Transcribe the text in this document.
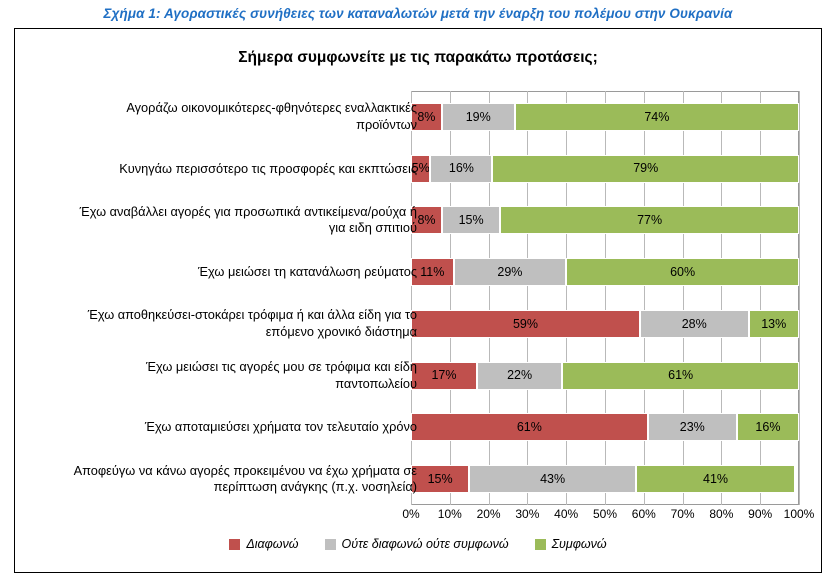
Σχήμα 1: Αγοραστικές συνήθειες των καταναλωτών μετά την έναρξη του πολέμου στην Ουκρανία
Σήμερα συμφωνείτε με τις παρακάτω προτάσεις;
8% 19%	74%
5% 16%	79%
8% 15%	77%
11%	29%	60%
59%	28%	13%
17%	22%	61%
61%	23%	16%
15%	43%	41%
Αγοράζω οικονομικότερες-φθηνότερες εναλλακτικές προϊόντων
Κυνηγάω περισσότερο τις προσφορές και εκπτώσεις
Έχω αναβάλλει αγορές για προσωπικά αντικείμενα/ρούχα ή για ειδη σπιτιού
Έχω μειώσει τη κατανάλωση ρεύματος
Έχω αποθηκεύσει-στοκάρει τρόφιμα ή και άλλα είδη για το επόμενο χρονικό διάστημα
Έχω μειώσει τις αγορές μου σε τρόφιμα και είδη παντοπωλείου
Έχω αποταμιεύσει χρήματα τον τελευταίο χρόνο
Αποφεύγω να κάνω αγορές προκειμένου να έχω χρήματα σε περίπτωση ανάγκης (π.χ. νοσηλεία)
0% 10% 20% 30% 40% 50% 60% 70% 80% 90% 100%
Διαφωνώ	Ούτε διαφωνώ ούτε συμφωνώ	Συμφωνώ
